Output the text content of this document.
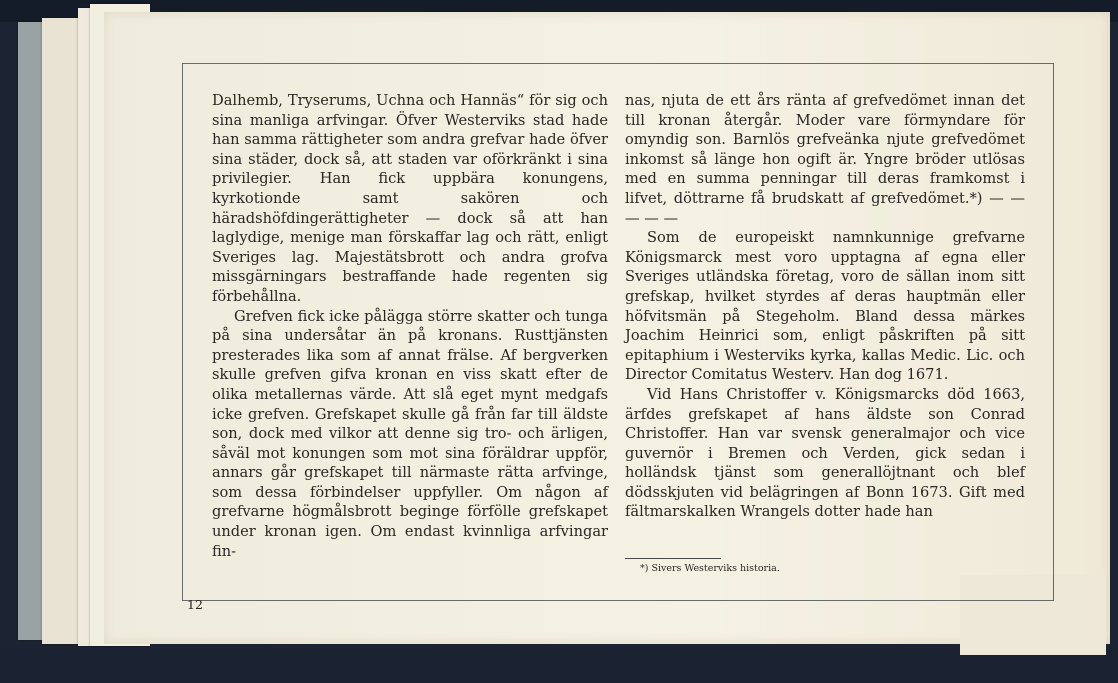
Dalhemb, Tryserums, Uchna och Hannäs“ för sig och sina manliga arfvingar. Öfver Westerviks stad hade han samma rättigheter som andra grefvar hade öfver sina städer, dock så, att staden var oförkränkt i sina privilegier. Han fick uppbära konungens, kyrkotionde samt sakören och häradshöfdingerättigheter — dock så att han laglydige, menige man förskaffar lag och rätt, enligt Sveriges lag. Majestätsbrott och andra grofva missgärningars bestraffande hade regenten sig förbehållna.

Grefven fick icke pålägga större skatter och tunga på sina undersåtar än på kronans. Rusttjänsten presterades lika som af annat frälse. Af bergverken skulle grefven gifva kronan en viss skatt efter de olika metallernas värde. Att slå eget mynt medgafs icke grefven. Grefskapet skulle gå från far till äldste son, dock med vilkor att denne sig tro- och ärligen, såväl mot konungen som mot sina föräldrar uppför, annars går grefskapet till närmaste rätta arfvinge, som dessa förbindelser uppfyller. Om någon af grefvarne högmålsbrott beginge förfölle grefskapet under kronan igen. Om endast kvinnliga arfvingar fin-

nas, njuta de ett års ränta af grefvedömet innan det till kronan återgår. Moder vare förmyndare för omyndig son. Barnlös grefveänka njute grefvedömet inkomst så länge hon ogift är. Yngre bröder utlösas med en summa penningar till deras framkomst i lifvet, döttrarne få brudskatt af grefvedömet.*) — — — — —

Som de europeiskt namnkunnige grefvarne Königsmarck mest voro upptagna af egna eller Sveriges utländska företag, voro de sällan inom sitt grefskap, hvilket styrdes af deras hauptmän eller höfvitsmän på Stegeholm. Bland dessa märkes Joachim Heinrici som, enligt påskriften på sitt epitaphium i Westerviks kyrka, kallas Medic. Lic. och Director Comitatus Westerv. Han dog 1671.

Vid Hans Christoffer v. Königsmarcks död 1663, ärfdes grefskapet af hans äldste son Conrad Christoffer. Han var svensk generalmajor och vice guvernör i Bremen och Verden, gick sedan i holländsk tjänst som generallöjtnant och blef dödsskjuten vid belägringen af Bonn 1673. Gift med fältmarskalken Wrangels dotter hade han

*) Sivers Westerviks historia.
12
